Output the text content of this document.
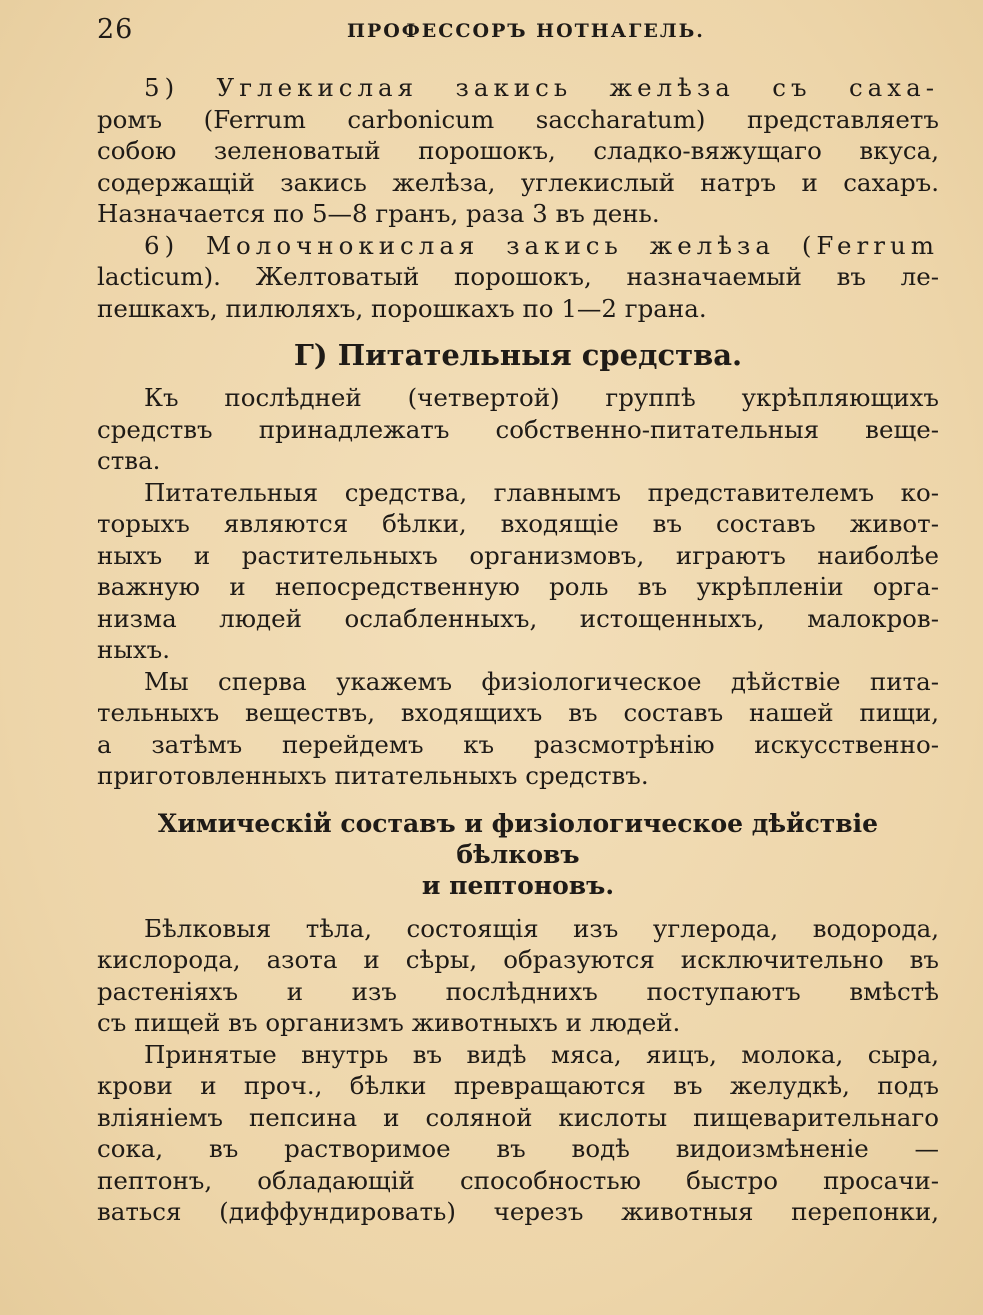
26	ПРОФЕССОРЪ НОТНАГЕЛЬ.
5) Углекислая закись желѣза съ саха-
ромъ (Ferrum carbonicum saccharatum) представляетъ
собою зеленоватый порошокъ, сладко-вяжущаго вкуса,
содержащій закись желѣза, углекислый натръ и сахаръ.
Назначается по 5—8 гранъ, раза 3 въ день.
6) Молочнокислая закись желѣза (Ferrum
lacticum). Желтоватый порошокъ, назначаемый въ ле-
пешкахъ, пилюляхъ, порошкахъ по 1—2 грана.
Г) Питательныя средства.
Къ послѣдней (четвертой) группѣ укрѣпляющихъ
средствъ принадлежатъ собственно-питательныя веще-
ства.
Питательныя средства, главнымъ представителемъ ко-
торыхъ являются бѣлки, входящіе въ составъ живот-
ныхъ и растительныхъ организмовъ, играютъ наиболѣе
важную и непосредственную роль въ укрѣпленіи орга-
низма людей ослабленныхъ, истощенныхъ, малокров-
ныхъ.
Мы сперва укажемъ физіологическое дѣйствіе пита-
тельныхъ веществъ, входящихъ въ составъ нашей пищи,
а затѣмъ перейдемъ къ разсмотрѣнію искусственно-
приготовленныхъ питательныхъ средствъ.
Химическій составъ и физіологическое дѣйствіе бѣлковъ
и пептоновъ.
Бѣлковыя тѣла, состоящія изъ углерода, водорода,
кислорода, азота и сѣры, образуются исключительно въ
растеніяхъ и изъ послѣднихъ поступаютъ вмѣстѣ
съ пищей въ организмъ животныхъ и людей.
Принятые внутрь въ видѣ мяса, яицъ, молока, сыра,
крови и проч., бѣлки превращаются въ желудкѣ, подъ
вліяніемъ пепсина и соляной кислоты пищеварительнаго
сока, въ растворимое въ водѣ видоизмѣненіе —
пептонъ, обладающій способностью быстро просачи-
ваться (диффундировать) черезъ животныя перепонки,
